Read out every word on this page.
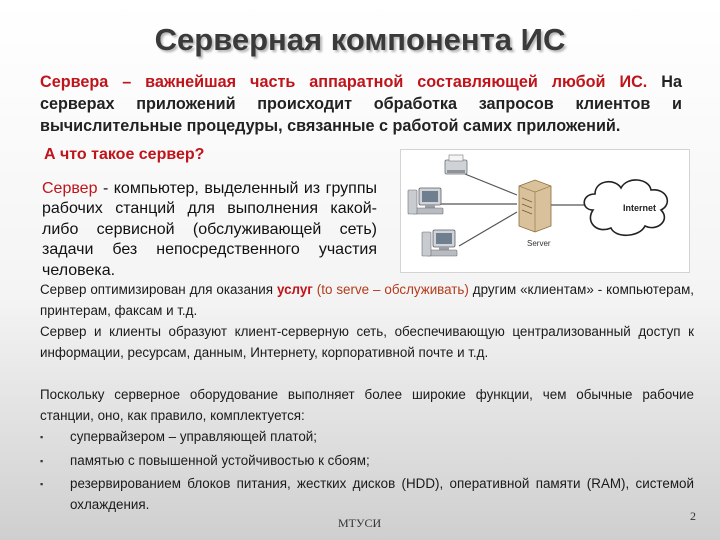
Серверная компонента ИС
Сервера – важнейшая часть аппаратной составляющей любой ИС. На серверах приложений происходит обработка запросов клиентов и вычислительные процедуры, связанные с работой самих приложений.
А что такое сервер?
Сервер - компьютер, выделенный из группы рабочих станций для выполнения какой-либо сервисной (обслуживающей сеть) задачи без непосредственного участия человека.
Server
Internet
Сервер оптимизирован для оказания услуг (to serve – обслуживать) другим «клиентам» - компьютерам, принтерам, факсам и т.д.
Сервер и клиенты образуют клиент-серверную сеть, обеспечивающую централизованный доступ к информации, ресурсам, данным, Интернету, корпоративной почте и т.д.
Поскольку серверное оборудование выполняет более широкие функции, чем обычные рабочие станции, оно, как правило, комплектуется:
▪ супервайзером – управляющей платой;
▪ памятью с повышенной устойчивостью к сбоям;
▪ резервированием блоков питания, жестких дисков (HDD), оперативной памяти (RAM), системой охлаждения.
МТУСИ	2
